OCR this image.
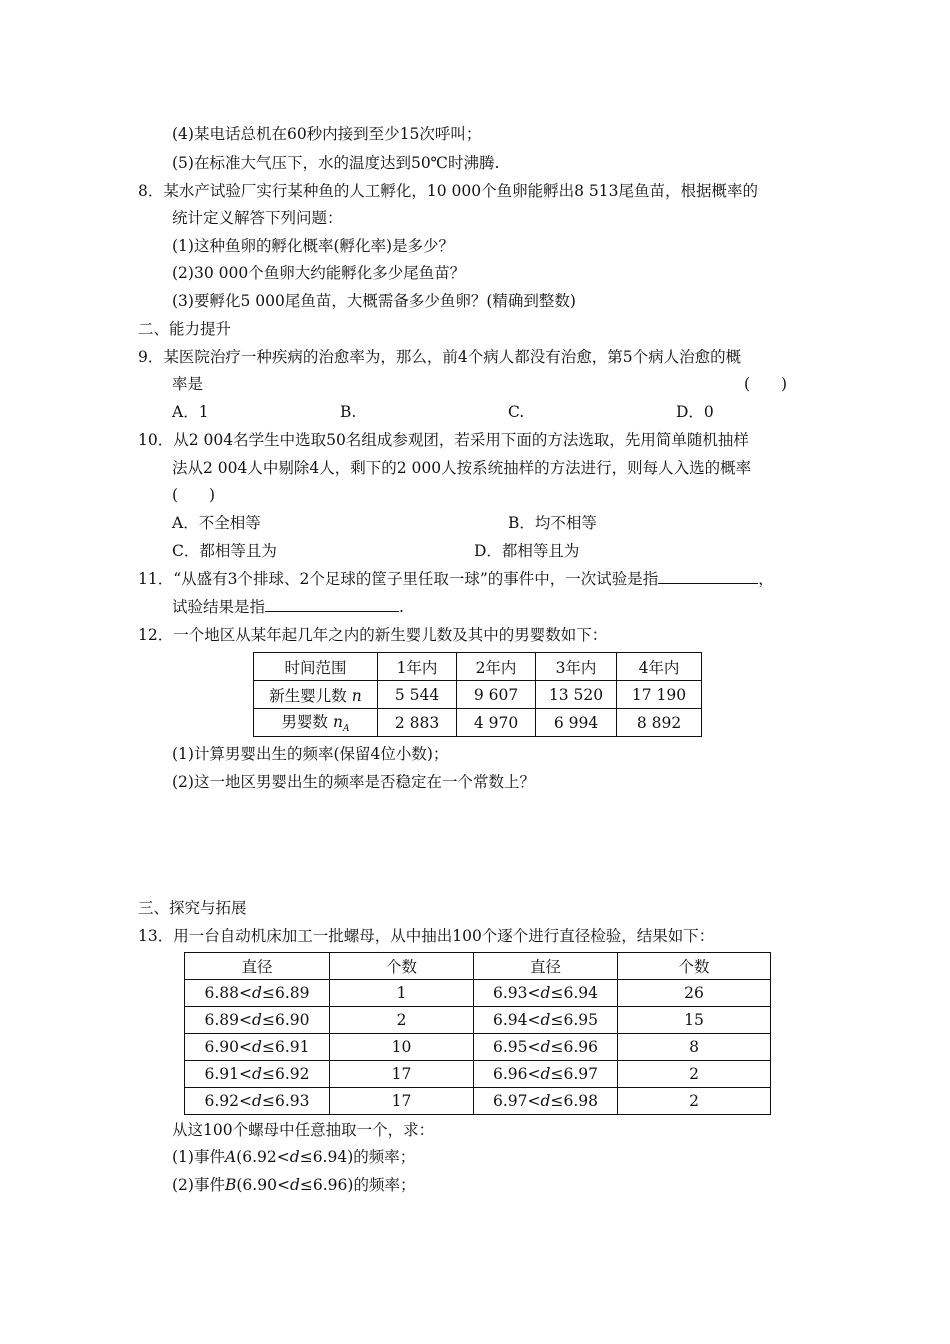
(4)某电话总机在60秒内接到至少15次呼叫；
(5)在标准大气压下，水的温度达到50℃时沸腾.
8．某水产试验厂实行某种鱼的人工孵化，10 000个鱼卵能孵出8 513尾鱼苗，根据概率的
统计定义解答下列问题：
(1)这种鱼卵的孵化概率(孵化率)是多少？
(2)30 000个鱼卵大约能孵化多少尾鱼苗？
(3)要孵化5 000尾鱼苗，大概需备多少鱼卵？(精确到整数)
二、能力提升
9．某医院治疗一种疾病的治愈率为，那么，前4个病人都没有治愈，第5个病人治愈的概
率是	(　　)
A．1	B.	C.	D．0
10．从2 004名学生中选取50名组成参观团，若采用下面的方法选取，先用简单随机抽样
法从2 004人中剔除4人，剩下的2 000人按系统抽样的方法进行，则每人入选的概率
(　　)
A．不全相等	B．均不相等
C．都相等且为	D．都相等且为
11．“从盛有3个排球、2个足球的筐子里任取一球”的事件中，一次试验是指	，
试验结果是指	.
12．一个地区从某年起几年之内的新生婴儿数及其中的男婴数如下：
时间范围	1年内	2年内	3年内	4年内
新生婴儿数 n	5 544	9 607	13 520	17 190
男婴数 $n_A$	2 883	4 970	6 994	8 892
(1)计算男婴出生的频率(保留4位小数)；
(2)这一地区男婴出生的频率是否稳定在一个常数上？
三、探究与拓展
13．用一台自动机床加工一批螺母，从中抽出100个逐个进行直径检验，结果如下：
直径	个数	直径	个数
6.88<d≤6.89	1	6.93<d≤6.94	26
6.89<d≤6.90	2	6.94<d≤6.95	15
6.90<d≤6.91	10	6.95<d≤6.96	8
6.91<d≤6.92	17	6.96<d≤6.97	2
6.92<d≤6.93	17	6.97<d≤6.98	2
从这100个螺母中任意抽取一个，求：
(1)事件A(6.92<d≤6.94)的频率；
(2)事件B(6.90<d≤6.96)的频率；
